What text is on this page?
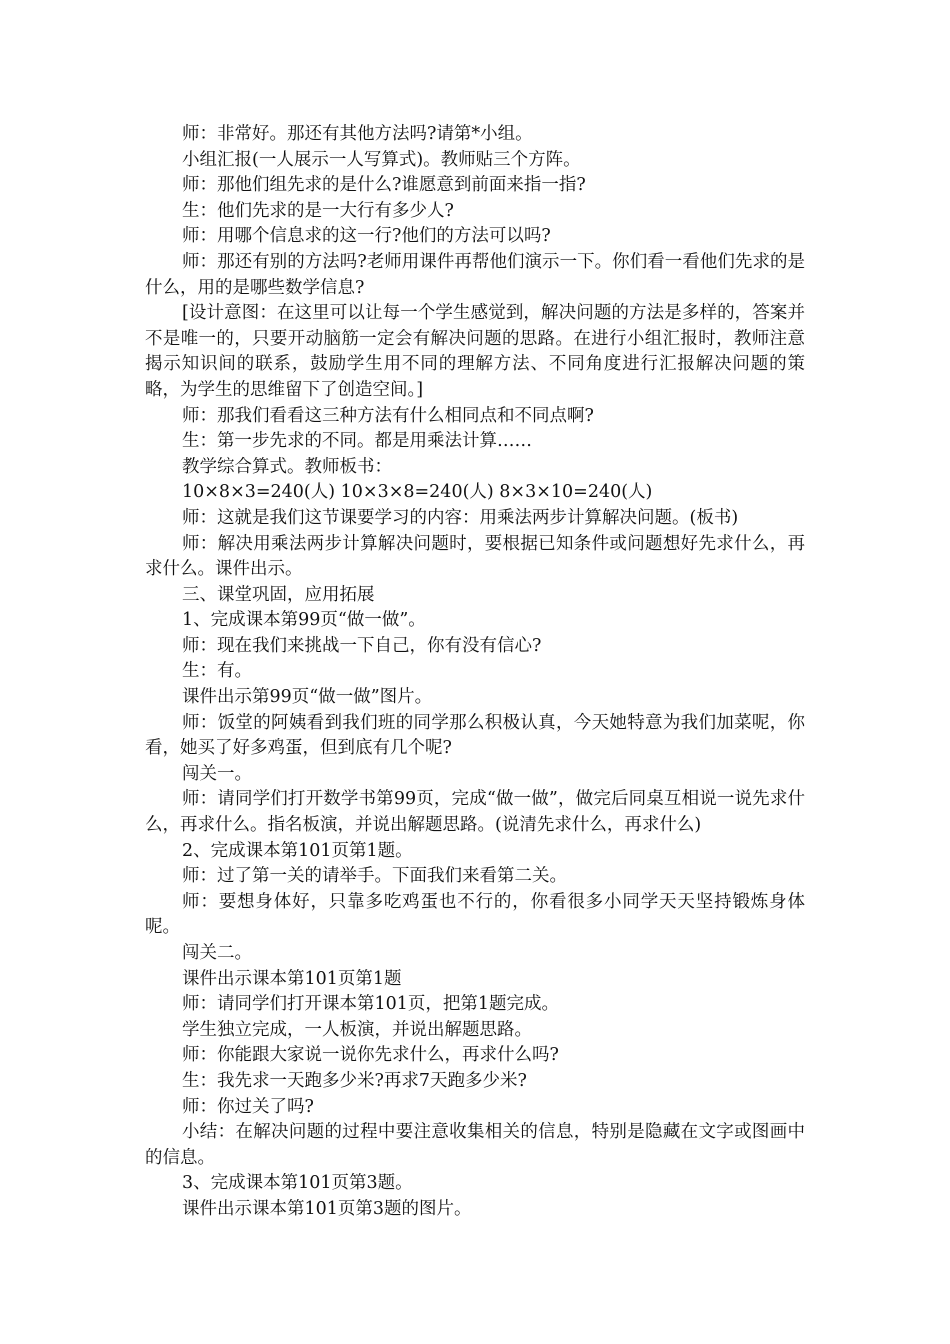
师：非常好。那还有其他方法吗?请第*小组。

小组汇报(一人展示一人写算式)。教师贴三个方阵。

师：那他们组先求的是什么?谁愿意到前面来指一指?

生：他们先求的是一大行有多少人?

师：用哪个信息求的这一行?他们的方法可以吗?

师：那还有别的方法吗?老师用课件再帮他们演示一下。你们看一看他们先求的是什么，用的是哪些数学信息?

[设计意图：在这里可以让每一个学生感觉到，解决问题的方法是多样的，答案并不是唯一的，只要开动脑筋一定会有解决问题的思路。在进行小组汇报时，教师注意揭示知识间的联系，鼓励学生用不同的理解方法、不同角度进行汇报解决问题的策略，为学生的思维留下了创造空间。]

师：那我们看看这三种方法有什么相同点和不同点啊?

生：第一步先求的不同。都是用乘法计算……

教学综合算式。教师板书：

10×8×3=240(人) 10×3×8=240(人) 8×3×10=240(人)

师：这就是我们这节课要学习的内容：用乘法两步计算解决问题。(板书)

师：解决用乘法两步计算解决问题时，要根据已知条件或问题想好先求什么，再求什么。课件出示。

三、课堂巩固，应用拓展

1、完成课本第99页“做一做”。

师：现在我们来挑战一下自己，你有没有信心?

生：有。

课件出示第99页“做一做”图片。

师：饭堂的阿姨看到我们班的同学那么积极认真，今天她特意为我们加菜呢，你看，她买了好多鸡蛋，但到底有几个呢?

闯关一。

师：请同学们打开数学书第99页，完成“做一做”，做完后同桌互相说一说先求什么，再求什么。指名板演，并说出解题思路。(说清先求什么，再求什么)

2、完成课本第101页第1题。

师：过了第一关的请举手。下面我们来看第二关。

师：要想身体好，只靠多吃鸡蛋也不行的，你看很多小同学天天坚持锻炼身体呢。

闯关二。

课件出示课本第101页第1题

师：请同学们打开课本第101页，把第1题完成。

学生独立完成，一人板演，并说出解题思路。

师：你能跟大家说一说你先求什么，再求什么吗?

生：我先求一天跑多少米?再求7天跑多少米?

师：你过关了吗?

小结：在解决问题的过程中要注意收集相关的信息，特别是隐藏在文字或图画中的信息。

3、完成课本第101页第3题。

课件出示课本第101页第3题的图片。
